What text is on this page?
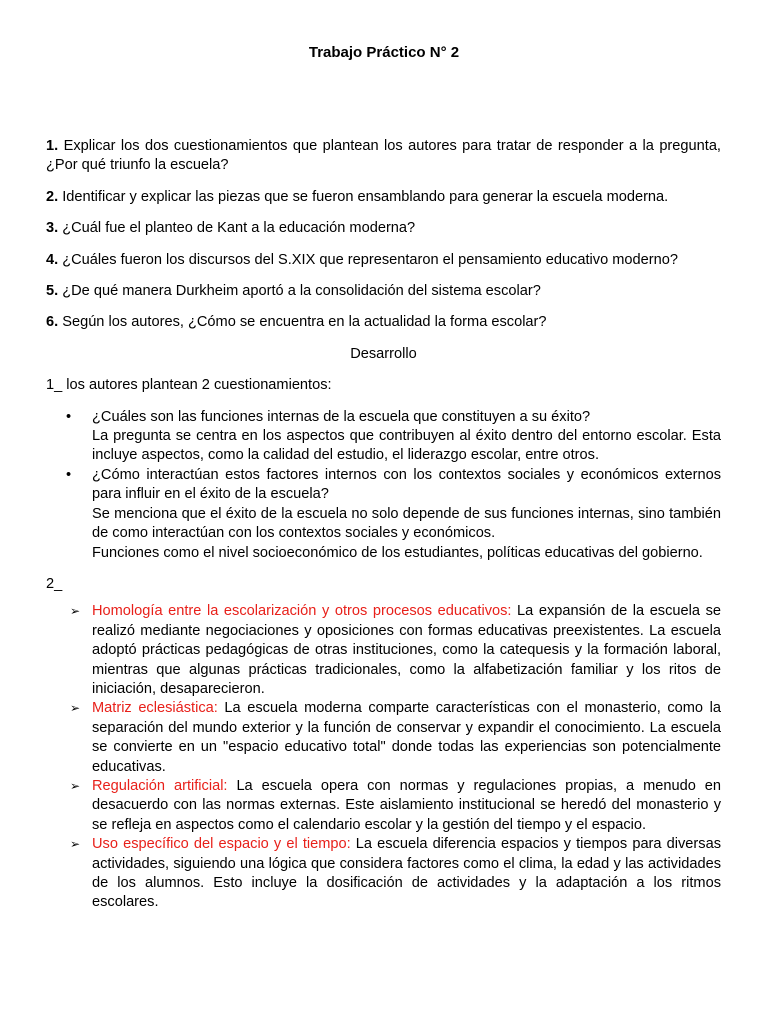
Trabajo Práctico N° 2

1. Explicar los dos cuestionamientos que plantean los autores para tratar de responder a la pregunta, ¿Por qué triunfo la escuela?

2. Identificar y explicar las piezas que se fueron ensamblando para generar la escuela moderna.

3. ¿Cuál fue el planteo de Kant a la educación moderna?

4. ¿Cuáles fueron los discursos del S.XIX que representaron el pensamiento educativo moderno?

5. ¿De qué manera Durkheim aportó a la consolidación del sistema escolar?

6. Según los autores, ¿Cómo se encuentra en la actualidad la forma escolar?

Desarrollo

1_ los autores plantean 2 cuestionamientos:

• ¿Cuáles son las funciones internas de la escuela que constituyen a su éxito?
La pregunta se centra en los aspectos que contribuyen al éxito dentro del entorno escolar. Esta incluye aspectos, como la calidad del estudio, el liderazgo escolar, entre otros.
• ¿Cómo interactúan estos factores internos con los contextos sociales y económicos externos para influir en el éxito de la escuela?
Se menciona que el éxito de la escuela no solo depende de sus funciones internas, sino también de como interactúan con los contextos sociales y económicos.
Funciones como el nivel socioeconómico de los estudiantes, políticas educativas del gobierno.

2_

➢ Homología entre la escolarización y otros procesos educativos: La expansión de la escuela se realizó mediante negociaciones y oposiciones con formas educativas preexistentes. La escuela adoptó prácticas pedagógicas de otras instituciones, como la catequesis y la formación laboral, mientras que algunas prácticas tradicionales, como la alfabetización familiar y los ritos de iniciación, desaparecieron.
➢ Matriz eclesiástica: La escuela moderna comparte características con el monasterio, como la separación del mundo exterior y la función de conservar y expandir el conocimiento. La escuela se convierte en un "espacio educativo total" donde todas las experiencias son potencialmente educativas.
➢ Regulación artificial: La escuela opera con normas y regulaciones propias, a menudo en desacuerdo con las normas externas. Este aislamiento institucional se heredó del monasterio y se refleja en aspectos como el calendario escolar y la gestión del tiempo y el espacio.
➢ Uso específico del espacio y el tiempo: La escuela diferencia espacios y tiempos para diversas actividades, siguiendo una lógica que considera factores como el clima, la edad y las actividades de los alumnos. Esto incluye la dosificación de actividades y la adaptación a los ritmos escolares.
